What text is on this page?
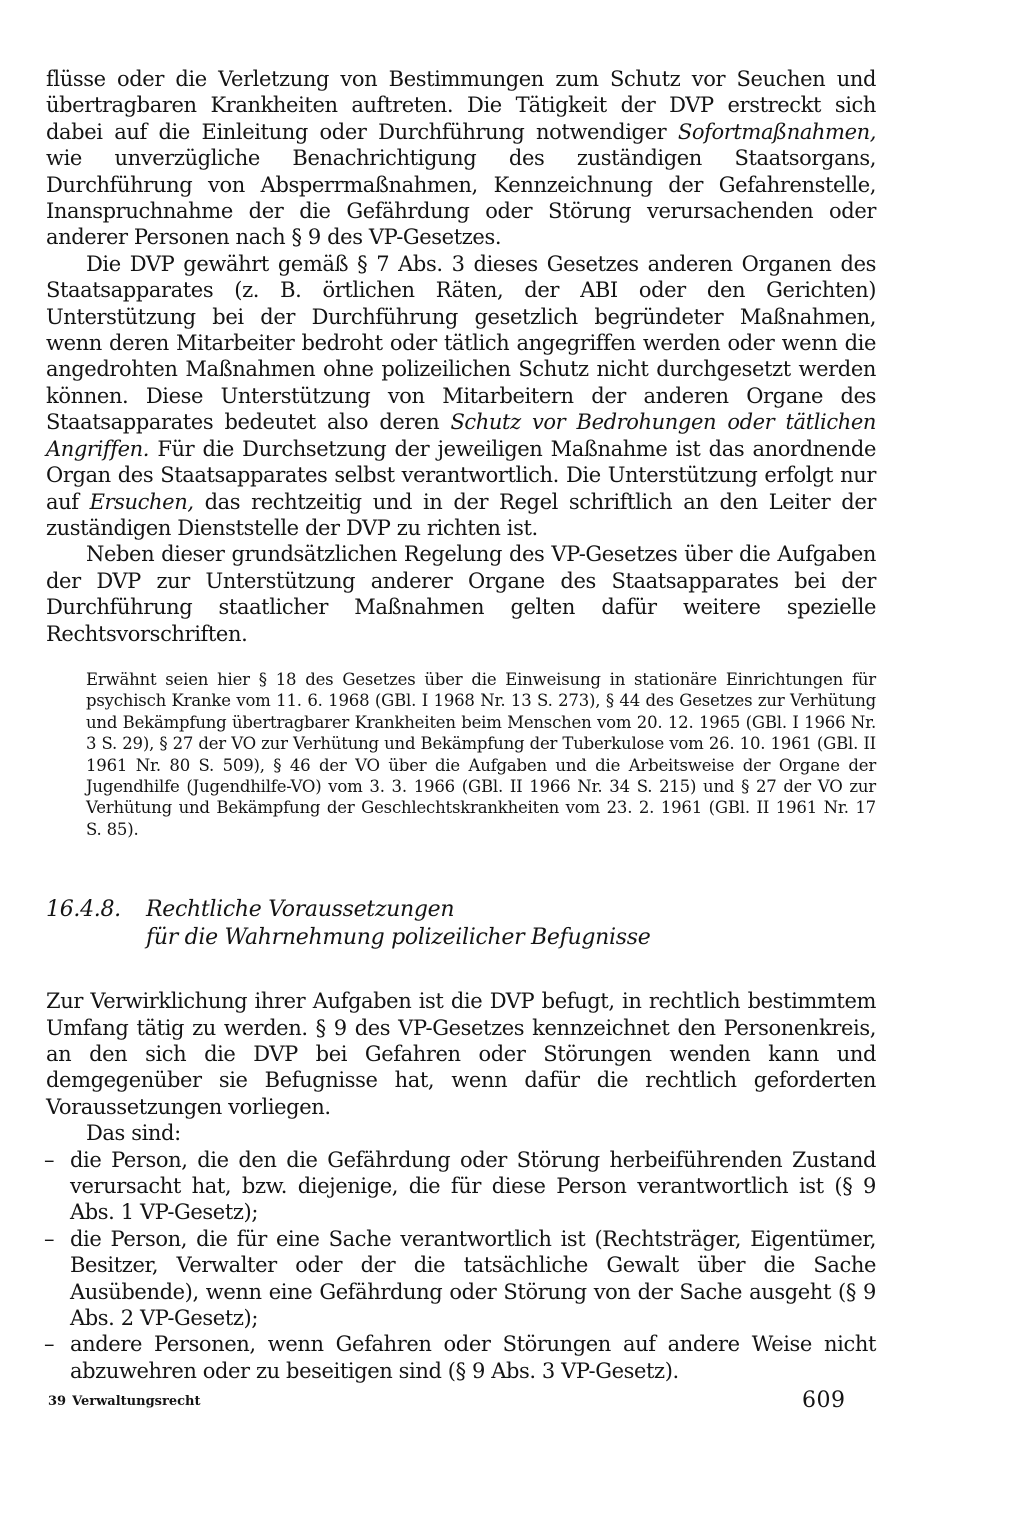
flüsse oder die Verletzung von Bestimmungen zum Schutz vor Seuchen und übertragbaren Krankheiten auftreten. Die Tätigkeit der DVP erstreckt sich dabei auf die Einleitung oder Durchführung notwendiger Sofortmaßnahmen, wie unverzügliche Benachrichtigung des zuständigen Staatsorgans, Durchführung von Absperrmaßnahmen, Kennzeichnung der Gefahrenstelle, Inanspruchnahme der die Gefährdung oder Störung verursachenden oder anderer Personen nach § 9 des VP-Gesetzes.

Die DVP gewährt gemäß § 7 Abs. 3 dieses Gesetzes anderen Organen des Staatsapparates (z. B. örtlichen Räten, der ABI oder den Gerichten) Unterstützung bei der Durchführung gesetzlich begründeter Maßnahmen, wenn deren Mitarbeiter bedroht oder tätlich angegriffen werden oder wenn die angedrohten Maßnahmen ohne polizeilichen Schutz nicht durchgesetzt werden können. Diese Unterstützung von Mitarbeitern der anderen Organe des Staatsapparates bedeutet also deren Schutz vor Bedrohungen oder tätlichen Angriffen. Für die Durchsetzung der jeweiligen Maßnahme ist das anordnende Organ des Staatsapparates selbst verantwortlich. Die Unterstützung erfolgt nur auf Ersuchen, das rechtzeitig und in der Regel schriftlich an den Leiter der zuständigen Dienststelle der DVP zu richten ist.

Neben dieser grundsätzlichen Regelung des VP-Gesetzes über die Aufgaben der DVP zur Unterstützung anderer Organe des Staatsapparates bei der Durchführung staatlicher Maßnahmen gelten dafür weitere spezielle Rechtsvorschriften.

Erwähnt seien hier § 18 des Gesetzes über die Einweisung in stationäre Einrichtungen für psychisch Kranke vom 11. 6. 1968 (GBl. I 1968 Nr. 13 S. 273), § 44 des Gesetzes zur Verhütung und Bekämpfung übertragbarer Krankheiten beim Menschen vom 20. 12. 1965 (GBl. I 1966 Nr. 3 S. 29), § 27 der VO zur Verhütung und Bekämpfung der Tuberkulose vom 26. 10. 1961 (GBl. II 1961 Nr. 80 S. 509), § 46 der VO über die Aufgaben und die Arbeitsweise der Organe der Jugendhilfe (Jugendhilfe-VO) vom 3. 3. 1966 (GBl. II 1966 Nr. 34 S. 215) und § 27 der VO zur Verhütung und Bekämpfung der Geschlechtskrankheiten vom 23. 2. 1961 (GBl. II 1961 Nr. 17 S. 85).

16.4.8. Rechtliche Voraussetzungen
für die Wahrnehmung polizeilicher Befugnisse

Zur Verwirklichung ihrer Aufgaben ist die DVP befugt, in rechtlich bestimmtem Umfang tätig zu werden. § 9 des VP-Gesetzes kennzeichnet den Personenkreis, an den sich die DVP bei Gefahren oder Störungen wenden kann und demgegenüber sie Befugnisse hat, wenn dafür die rechtlich geforderten Voraussetzungen vorliegen.

Das sind:

– die Person, die den die Gefährdung oder Störung herbeiführenden Zustand verursacht hat, bzw. diejenige, die für diese Person verantwortlich ist (§ 9 Abs. 1 VP-Gesetz);
– die Person, die für eine Sache verantwortlich ist (Rechtsträger, Eigentümer, Besitzer, Verwalter oder der die tatsächliche Gewalt über die Sache Ausübende), wenn eine Gefährdung oder Störung von der Sache ausgeht (§ 9 Abs. 2 VP-Gesetz);
– andere Personen, wenn Gefahren oder Störungen auf andere Weise nicht abzuwehren oder zu beseitigen sind (§ 9 Abs. 3 VP-Gesetz).
39 Verwaltungsrecht	609
